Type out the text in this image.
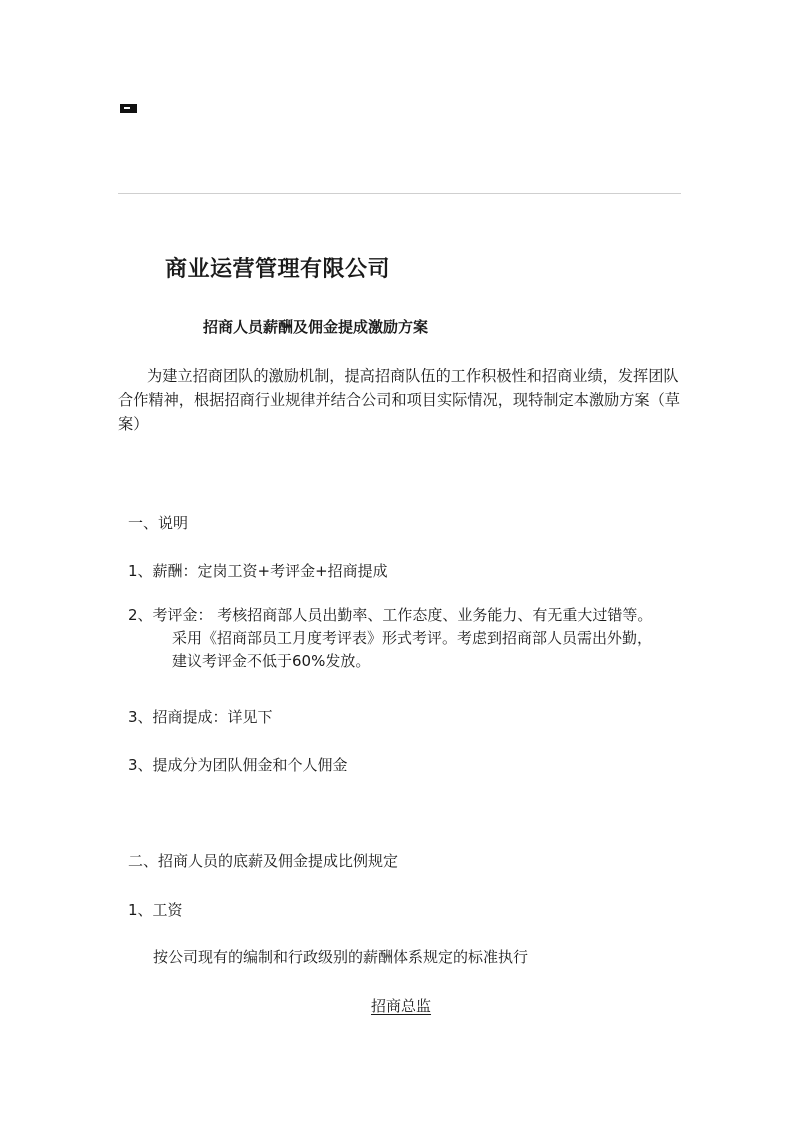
商业运营管理有限公司
招商人员薪酬及佣金提成激励方案
为建立招商团队的激励机制，提高招商队伍的工作积极性和招商业绩，发挥团队合作精神，根据招商行业规律并结合公司和项目实际情况，现特制定本激励方案（草案）
一、说明
1、薪酬：定岗工资+考评金+招商提成
2、考评金： 考核招商部人员出勤率、工作态度、业务能力、有无重大过错等。
采用《招商部员工月度考评表》形式考评。考虑到招商部人员需出外勤，
建议考评金不低于60%发放。
3、招商提成：详见下
3、提成分为团队佣金和个人佣金
二、招商人员的底薪及佣金提成比例规定
1、工资
按公司现有的编制和行政级别的薪酬体系规定的标准执行
招商总监
